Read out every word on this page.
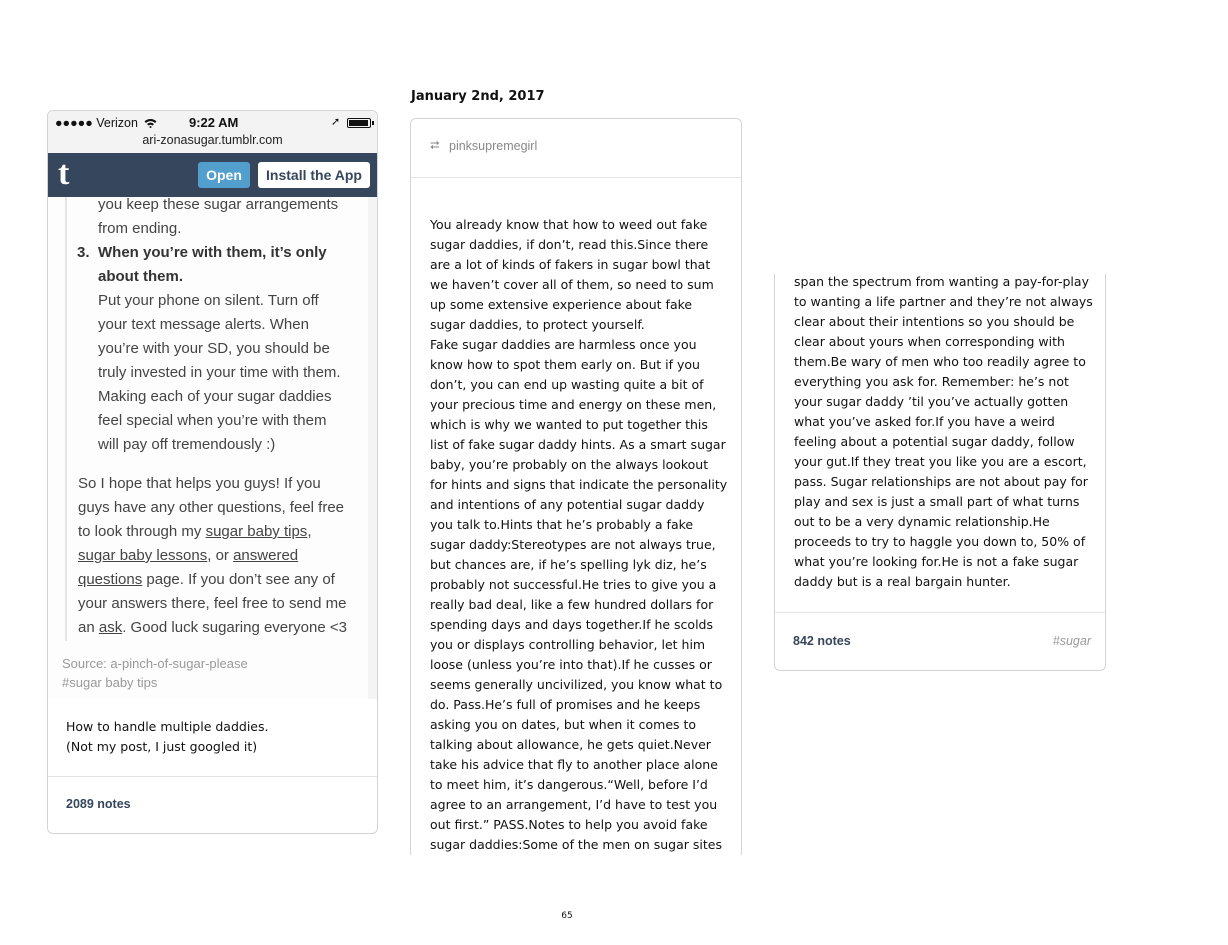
●●●●● Verizon	9:22 AM	➚
ari-zonasugar.tumblr.com
t	Open	Install the App
you keep these sugar arrangements
from ending.
3. When you’re with them, it’s only
about them.
Put your phone on silent. Turn off
your text message alerts. When
you’re with your SD, you should be
truly invested in your time with them.
Making each of your sugar daddies
feel special when you’re with them
will pay off tremendously :)
So I hope that helps you guys! If you
guys have any other questions, feel free
to look through my sugar baby tips,
sugar baby lessons, or answered
questions page. If you don’t see any of
your answers there, feel free to send me
an ask. Good luck sugaring everyone <3
Source: a-pinch-of-sugar-please
#sugar baby tips
How to handle multiple daddies.
(Not my post, I just googled it)
2089 notes
January 2nd, 2017
⮂ pinksupremegirl
You already know that how to weed out fake
sugar daddies, if don’t, read this.Since there
are a lot of kinds of fakers in sugar bowl that
we haven’t cover all of them, so need to sum
up some extensive experience about fake
sugar daddies, to protect yourself.
Fake sugar daddies are harmless once you
know how to spot them early on. But if you
don’t, you can end up wasting quite a bit of
your precious time and energy on these men,
which is why we wanted to put together this
list of fake sugar daddy hints. As a smart sugar
baby, you’re probably on the always lookout
for hints and signs that indicate the personality
and intentions of any potential sugar daddy
you talk to.Hints that he’s probably a fake
sugar daddy:Stereotypes are not always true,
but chances are, if he’s spelling lyk diz, he’s
probably not successful.He tries to give you a
really bad deal, like a few hundred dollars for
spending days and days together.If he scolds
you or displays controlling behavior, let him
loose (unless you’re into that).If he cusses or
seems generally uncivilized, you know what to
do. Pass.He’s full of promises and he keeps
asking you on dates, but when it comes to
talking about allowance, he gets quiet.Never
take his advice that fly to another place alone
to meet him, it’s dangerous.“Well, before I’d
agree to an arrangement, I’d have to test you
out first.” PASS.Notes to help you avoid fake
sugar daddies:Some of the men on sugar sites
span the spectrum from wanting a pay-for-play
to wanting a life partner and they’re not always
clear about their intentions so you should be
clear about yours when corresponding with
them.Be wary of men who too readily agree to
everything you ask for. Remember: he’s not
your sugar daddy ’til you’ve actually gotten
what you’ve asked for.If you have a weird
feeling about a potential sugar daddy, follow
your gut.If they treat you like you are a escort,
pass. Sugar relationships are not about pay for
play and sex is just a small part of what turns
out to be a very dynamic relationship.He
proceeds to try to haggle you down to, 50% of
what you’re looking for.He is not a fake sugar
daddy but is a real bargain hunter.
842 notes	#sugar
65
